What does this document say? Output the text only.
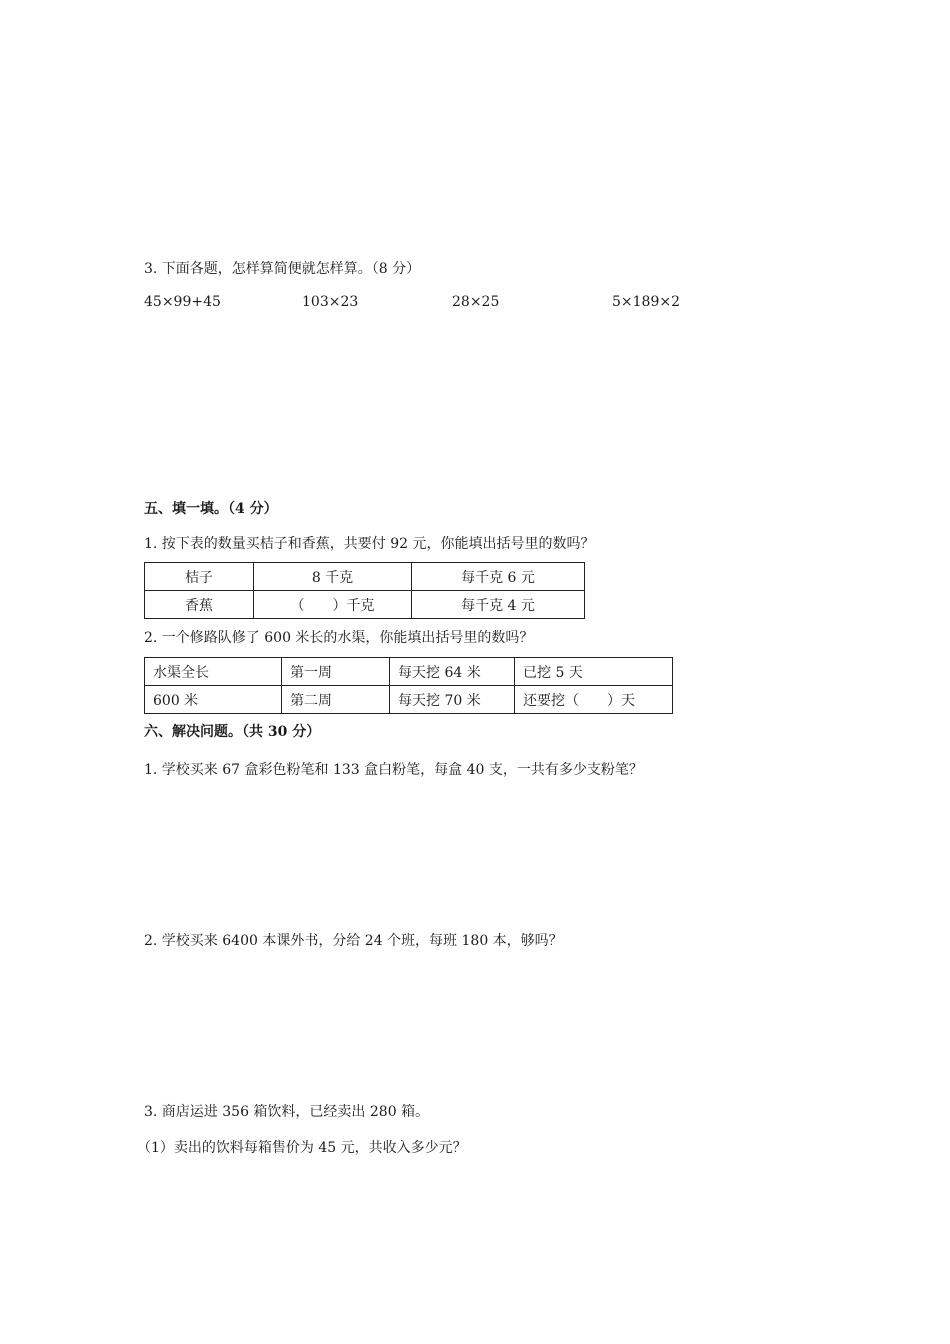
3. 下面各题，怎样算简便就怎样算。（8 分）
45×99+45	103×23	28×25	5×189×2
五、填一填。（4 分）
1. 按下表的数量买桔子和香蕉，共要付 92 元，你能填出括号里的数吗？
桔子	8 千克	每千克 6 元
香蕉	（　　）千克	每千克 4 元
2. 一个修路队修了 600 米长的水渠，你能填出括号里的数吗？
水渠全长	第一周	每天挖 64 米	已挖 5 天
600 米	第二周	每天挖 70 米	还要挖（　　）天
六、解决问题。（共 30 分）
1. 学校买来 67 盒彩色粉笔和 133 盒白粉笔，每盒 40 支，一共有多少支粉笔？
2. 学校买来 6400 本课外书，分给 24 个班，每班 180 本，够吗？
3. 商店运进 356 箱饮料，已经卖出 280 箱。
（1）卖出的饮料每箱售价为 45 元，共收入多少元？
